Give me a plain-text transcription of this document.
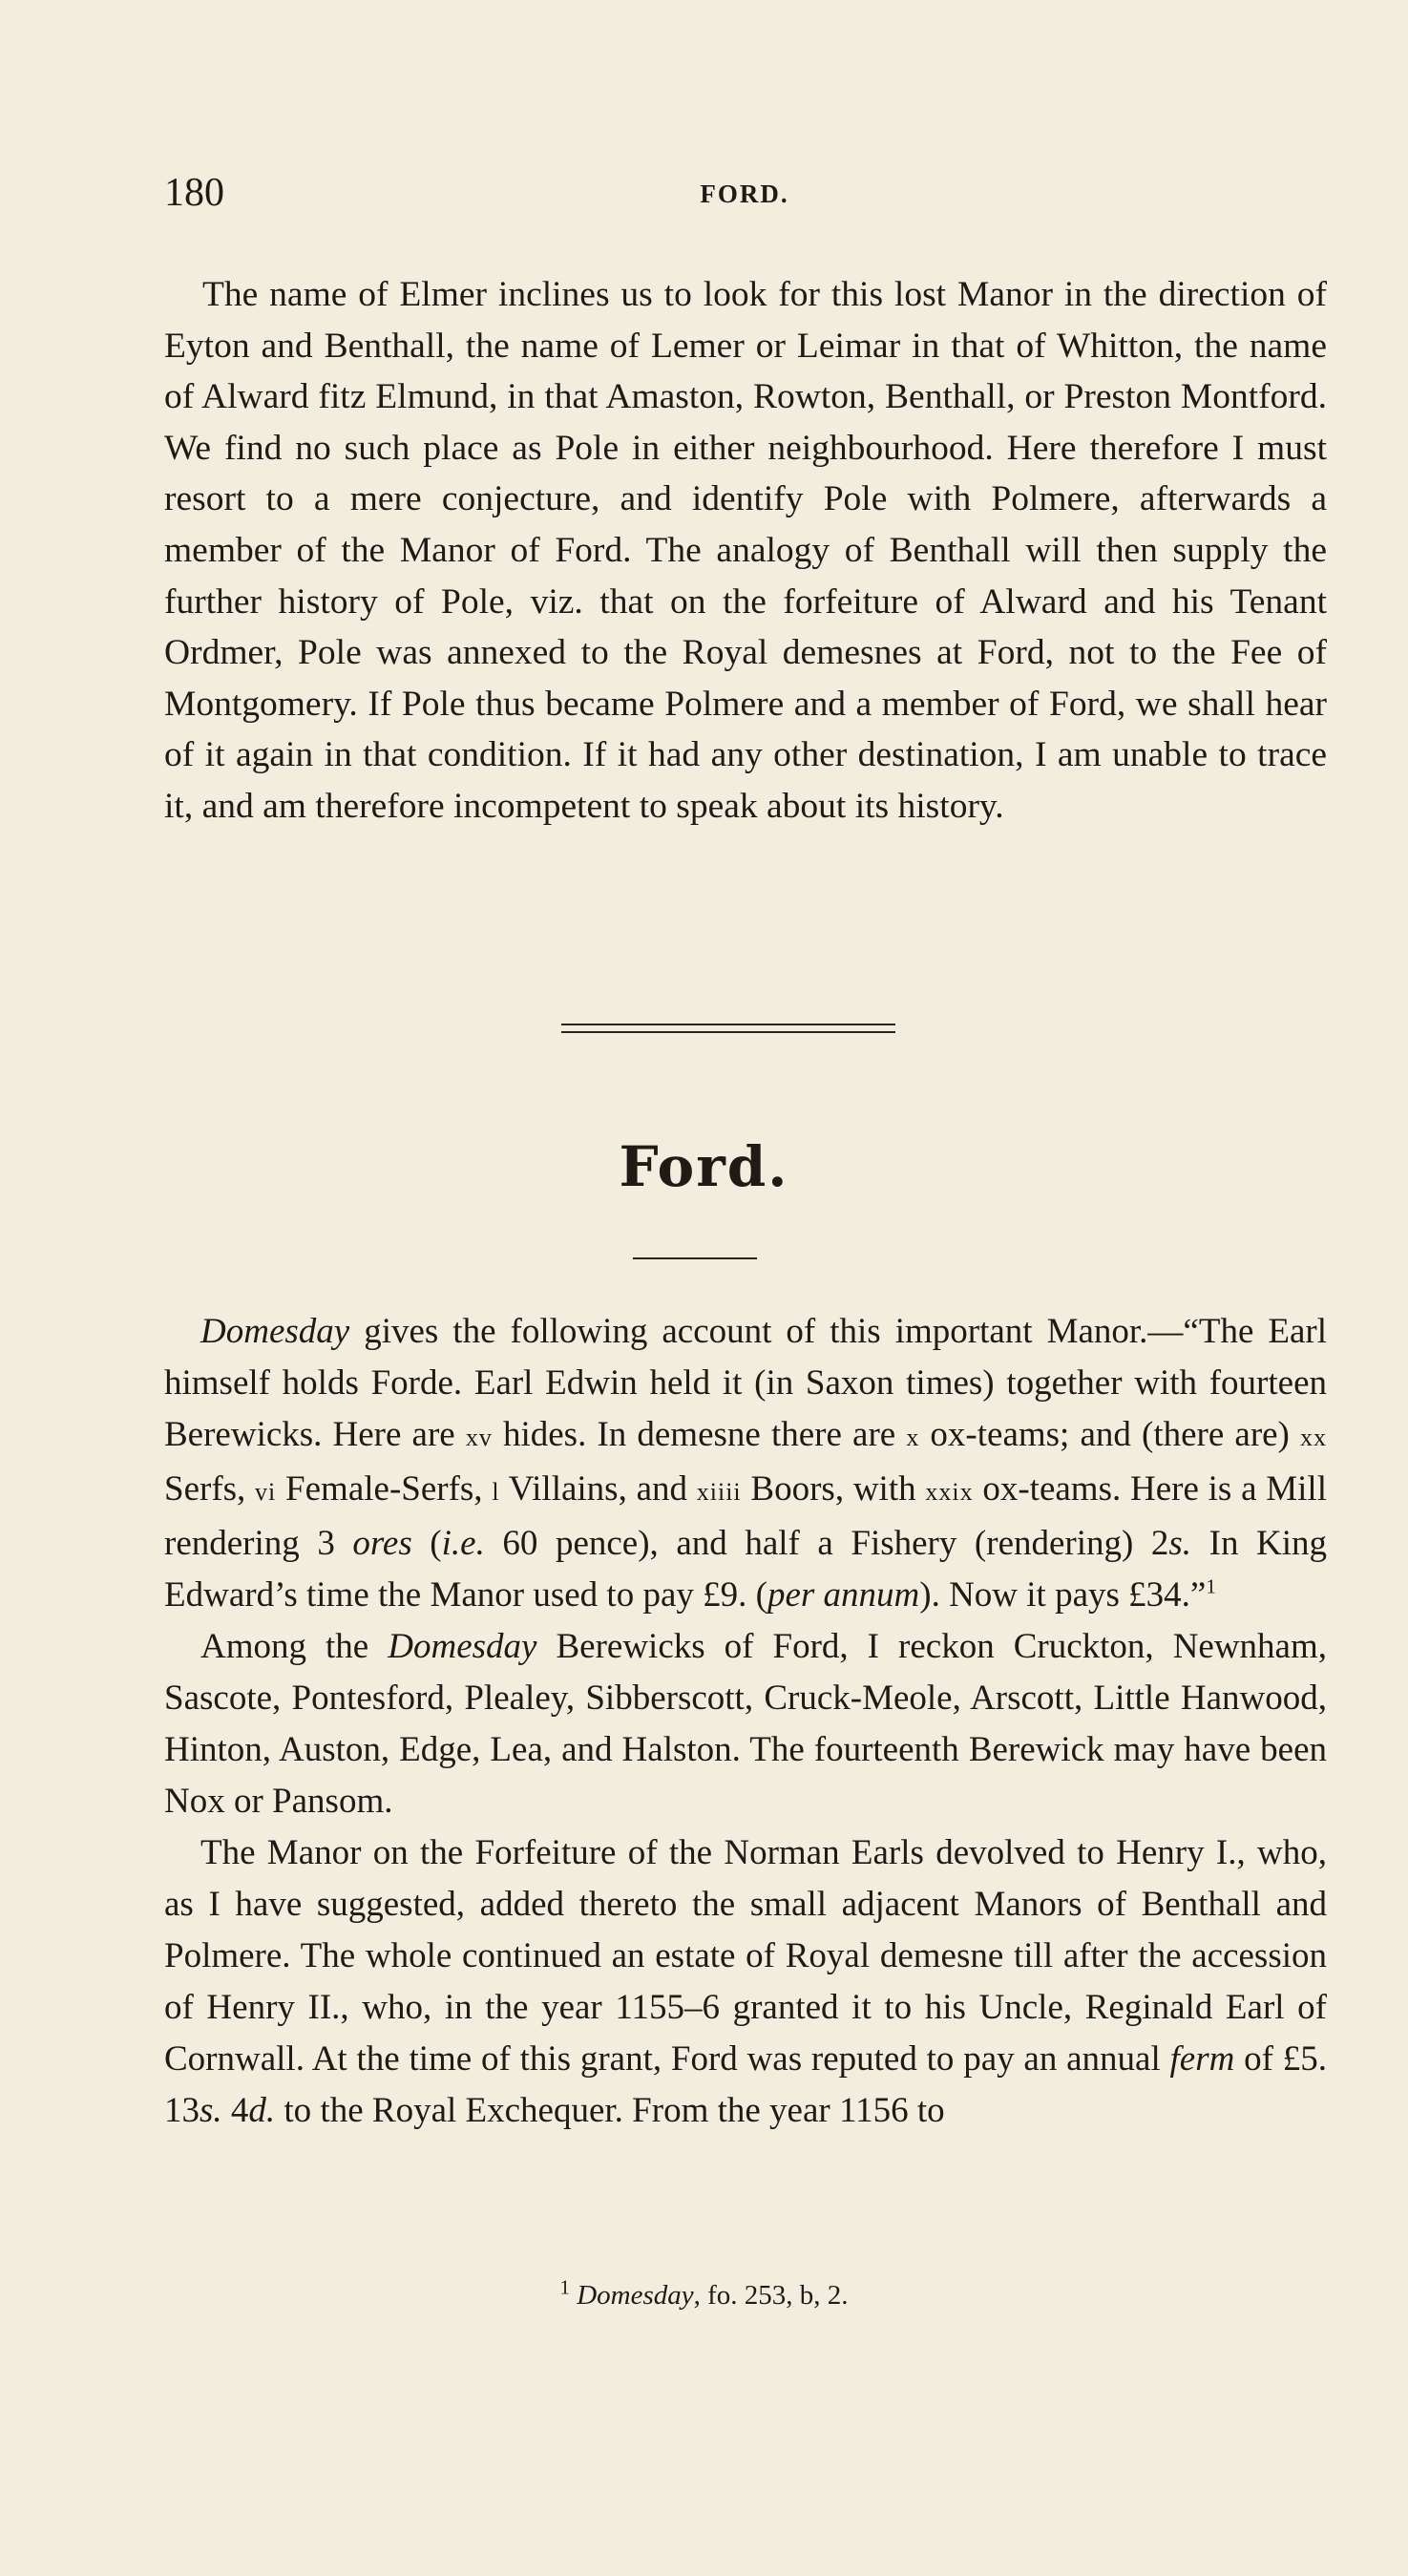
180	FORD.

The name of Elmer inclines us to look for this lost Manor in the direction of Eyton and Benthall, the name of Lemer or Leimar in that of Whitton, the name of Alward fitz Elmund, in that Amaston, Rowton, Benthall, or Preston Montford. We find no such place as Pole in either neighbourhood. Here therefore I must resort to a mere conjecture, and identify Pole with Polmere, afterwards a member of the Manor of Ford. The analogy of Benthall will then supply the further history of Pole, viz. that on the forfeiture of Alward and his Tenant Ordmer, Pole was annexed to the Royal demesnes at Ford, not to the Fee of Montgomery. If Pole thus became Polmere and a member of Ford, we shall hear of it again in that condition. If it had any other destination, I am unable to trace it, and am therefore incompetent to speak about its history.

Ford.

Domesday gives the following account of this important Manor.—“The Earl himself holds Forde. Earl Edwin held it (in Saxon times) together with fourteen Berewicks. Here are xv hides. In demesne there are x ox-teams; and (there are) xx Serfs, vi Female-Serfs, l Villains, and xiiii Boors, with xxix ox-teams. Here is a Mill rendering 3 ores (i.e. 60 pence), and half a Fishery (rendering) 2s. In King Edward’s time the Manor used to pay £9. (per annum). Now it pays £34.”$^1$

Among the Domesday Berewicks of Ford, I reckon Cruckton, Newnham, Sascote, Pontesford, Plealey, Sibberscott, Cruck-Meole, Arscott, Little Hanwood, Hinton, Auston, Edge, Lea, and Halston. The fourteenth Berewick may have been Nox or Pansom.

The Manor on the Forfeiture of the Norman Earls devolved to Henry I., who, as I have suggested, added thereto the small adjacent Manors of Benthall and Polmere. The whole continued an estate of Royal demesne till after the accession of Henry II., who, in the year 1155–6 granted it to his Uncle, Reginald Earl of Cornwall. At the time of this grant, Ford was reputed to pay an annual ferm of £5. 13s. 4d. to the Royal Exchequer. From the year 1156 to

$^1$ Domesday, fo. 253, b, 2.
